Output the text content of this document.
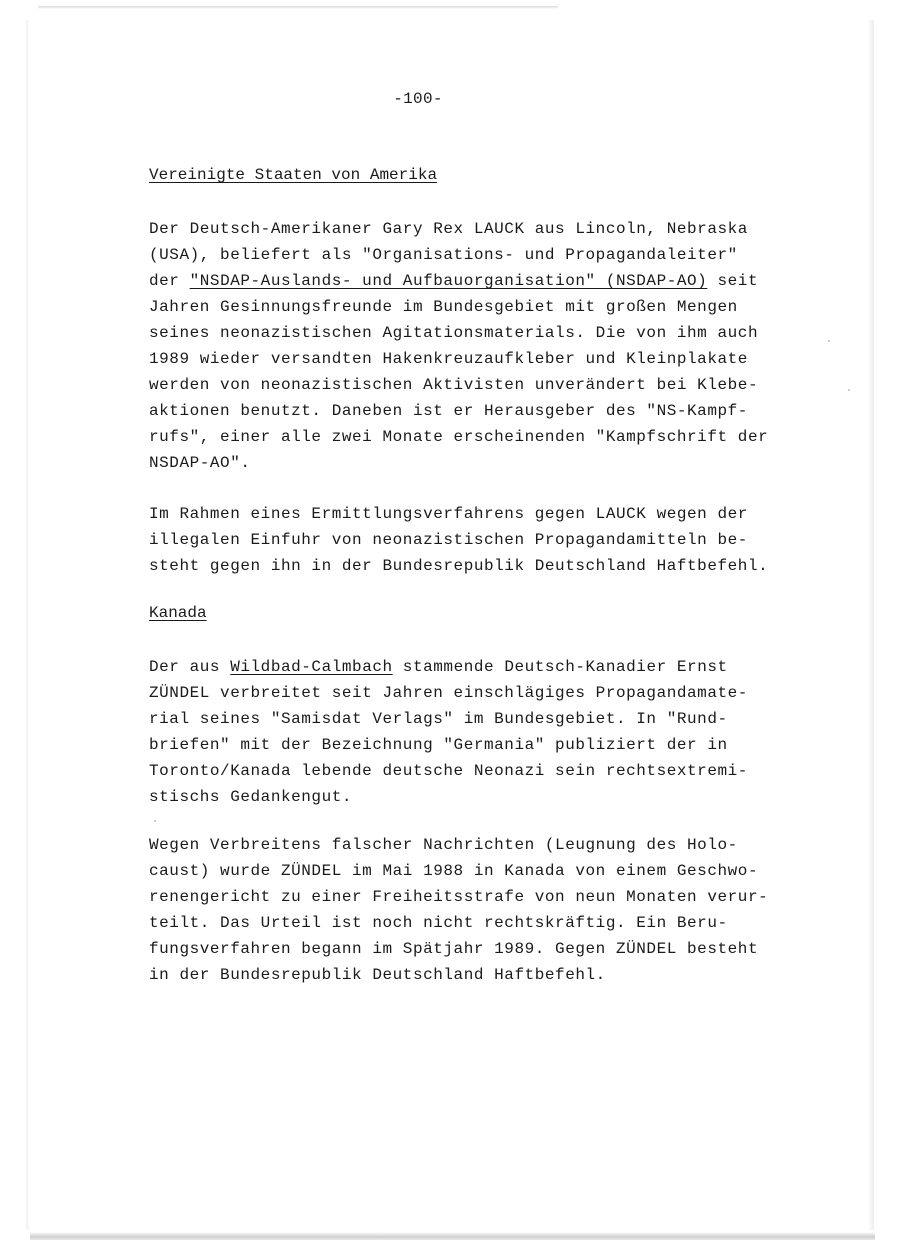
-100-
Vereinigte Staaten von Amerika
Der Deutsch-Amerikaner Gary Rex LAUCK aus Lincoln, Nebraska
(USA), beliefert als "Organisations- und Propagandaleiter"
der "NSDAP-Auslands- und Aufbauorganisation" (NSDAP-AO) seit
Jahren Gesinnungsfreunde im Bundesgebiet mit großen Mengen
seines neonazistischen Agitationsmaterials. Die von ihm auch
1989 wieder versandten Hakenkreuzaufkleber und Kleinplakate
werden von neonazistischen Aktivisten unverändert bei Klebe-
aktionen benutzt. Daneben ist er Herausgeber des "NS-Kampf-
rufs", einer alle zwei Monate erscheinenden "Kampfschrift der
NSDAP-AO".
Im Rahmen eines Ermittlungsverfahrens gegen LAUCK wegen der
illegalen Einfuhr von neonazistischen Propagandamitteln be-
steht gegen ihn in der Bundesrepublik Deutschland Haftbefehl.
Kanada
Der aus Wildbad-Calmbach stammende Deutsch-Kanadier Ernst
ZÜNDEL verbreitet seit Jahren einschlägiges Propagandamate-
rial seines "Samisdat Verlags" im Bundesgebiet. In "Rund-
briefen" mit der Bezeichnung "Germania" publiziert der in
Toronto/Kanada lebende deutsche Neonazi sein rechtsextremi-
stischs Gedankengut.
Wegen Verbreitens falscher Nachrichten (Leugnung des Holo-
caust) wurde ZÜNDEL im Mai 1988 in Kanada von einem Geschwo-
renengericht zu einer Freiheitsstrafe von neun Monaten verur-
teilt. Das Urteil ist noch nicht rechtskräftig. Ein Beru-
fungsverfahren begann im Spätjahr 1989. Gegen ZÜNDEL besteht
in der Bundesrepublik Deutschland Haftbefehl.
